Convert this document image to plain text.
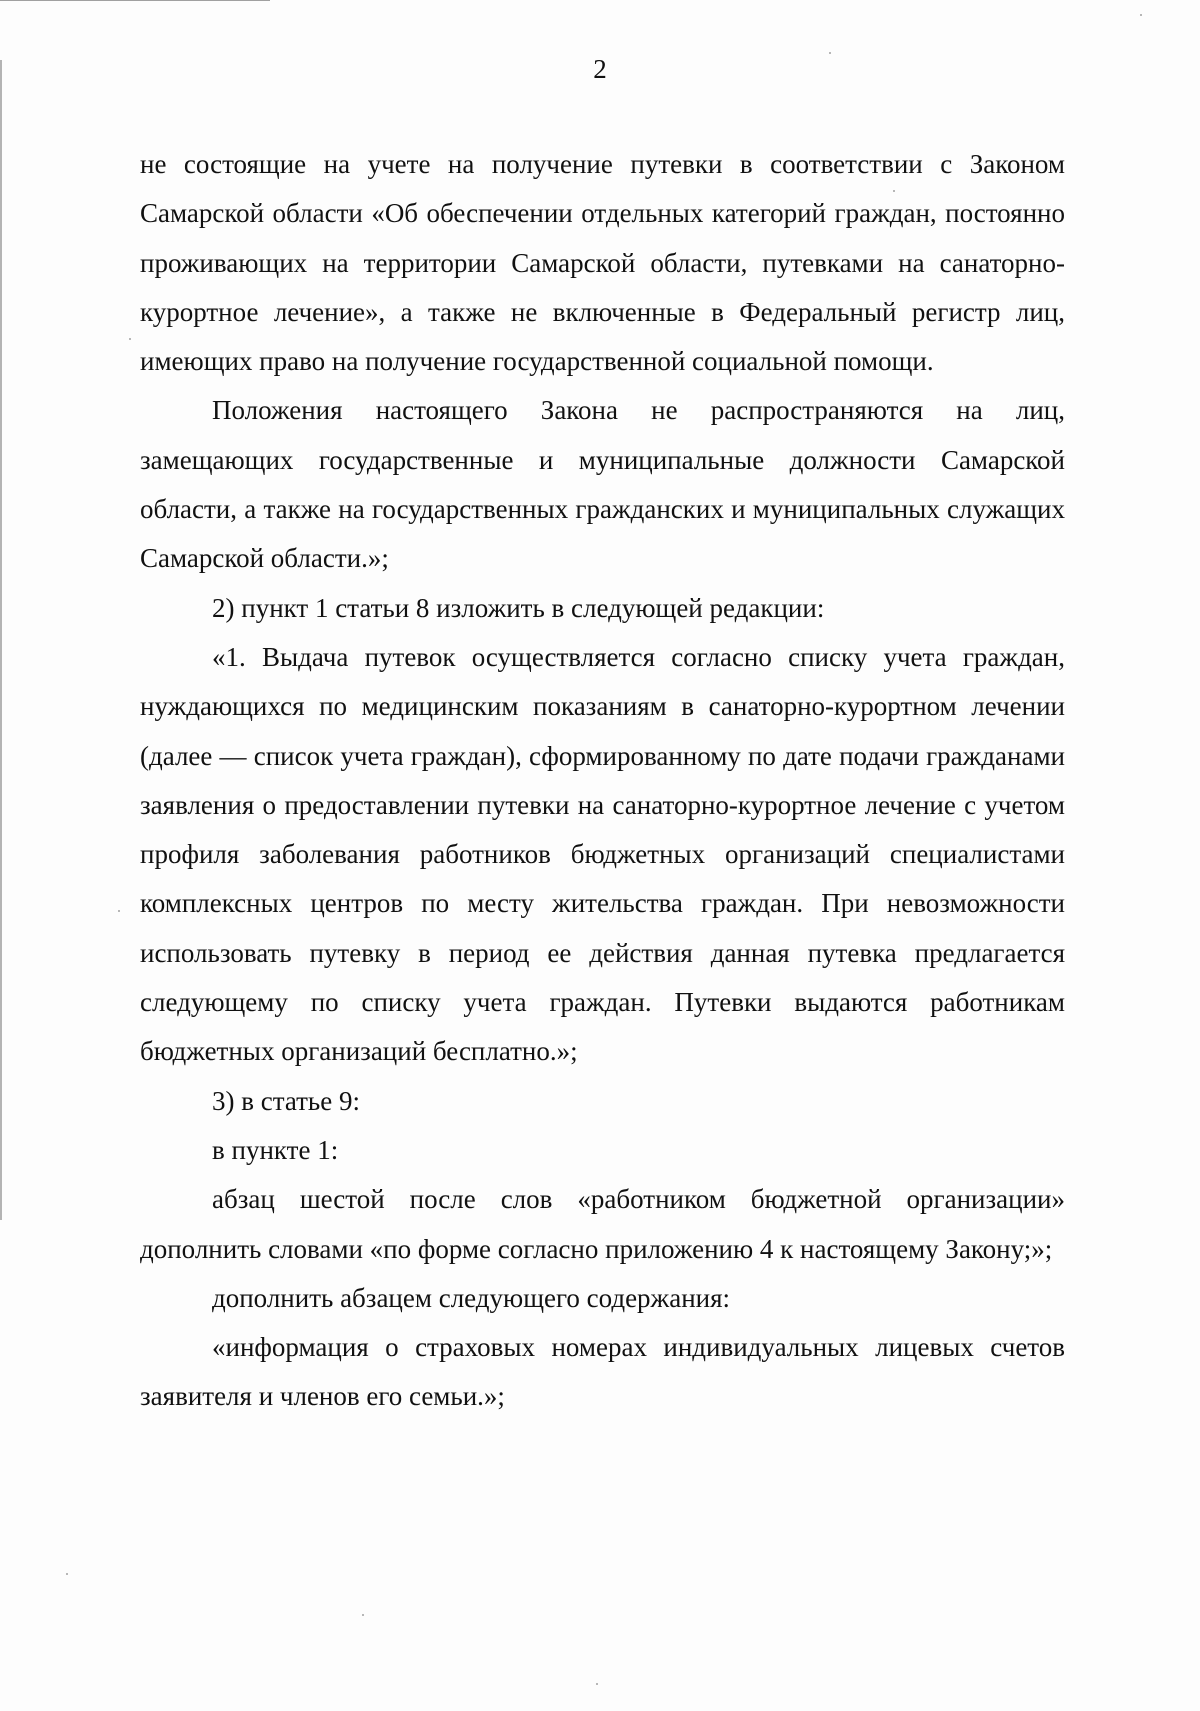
2

не состоящие на учете на получение путевки в соответствии с Законом Самарской области «Об обеспечении отдельных категорий граждан, постоянно проживающих на территории Самарской области, путевками на санаторно-курортное лечение», а также не включенные в Федеральный регистр лиц, имеющих право на получение государственной социальной помощи.

Положения настоящего Закона не распространяются на лиц, замещающих государственные и муниципальные должности Самарской области, а также на государственных гражданских и муниципальных служащих Самарской области.»;

2) пункт 1 статьи 8 изложить в следующей редакции:

«1. Выдача путевок осуществляется согласно списку учета граждан, нуждающихся по медицинским показаниям в санаторно-курортном лечении (далее — список учета граждан), сформированному по дате подачи гражданами заявления о предоставлении путевки на санаторно-курортное лечение с учетом профиля заболевания работников бюджетных организаций специалистами комплексных центров по месту жительства граждан. При невозможности использовать путевку в период ее действия данная путевка предлагается следующему по списку учета граждан. Путевки выдаются работникам бюджетных организаций бесплатно.»;

3) в статье 9:

в пункте 1:

абзац шестой после слов «работником бюджетной организации» дополнить словами «по форме согласно приложению 4 к настоящему Закону;»;

дополнить абзацем следующего содержания:

«информация о страховых номерах индивидуальных лицевых счетов заявителя и членов его семьи.»;
